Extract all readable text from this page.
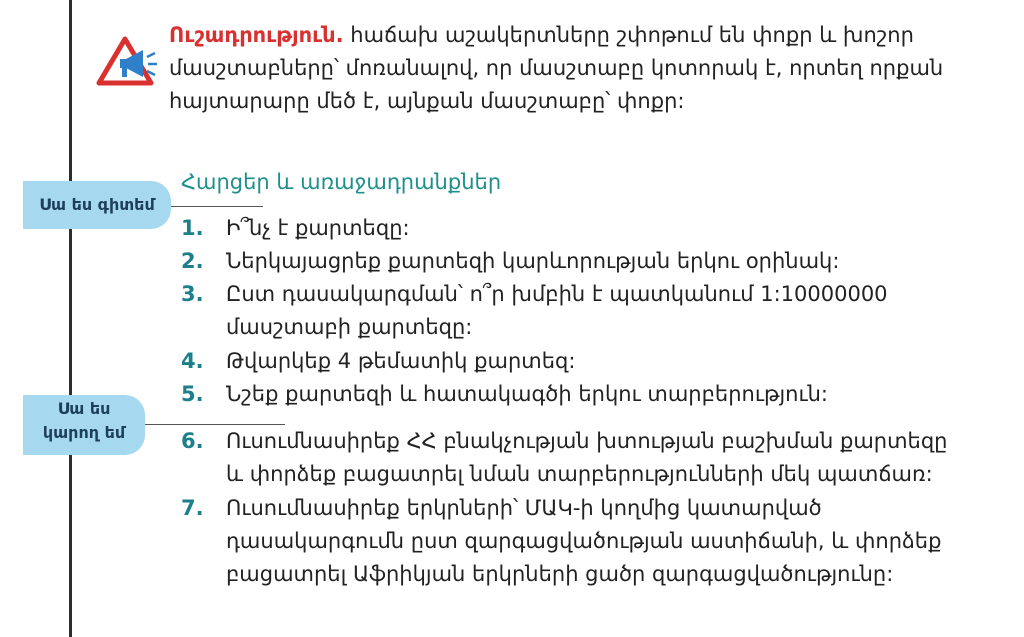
Ուշադրություն. հաճախ աշակերտները շփոթում են փոքր և խոշոր մասշտաբները՝ մոռանալով, որ մասշտաբը կոտորակ է, որտեղ որքան հայտարարը մեծ է, այնքան մասշտաբը՝ փոքր:

Սա ես գիտեմ
Հարցեր և առաջադրանքներ
Սա ես
կարող եմ
1.	Ի՞նչ է քարտեզը:
2.	Ներկայացրեք քարտեզի կարևորության երկու օրինակ:
3.	Ըստ դասակարգման՝ ո՞ր խմբին է պատկանում 1:10000000 մասշտաբի քարտեզը:
4.	Թվարկեք 4 թեմատիկ քարտեզ:
5.	Նշեք քարտեզի և հատակագծի երկու տարբերություն:
6.	Ուսումնասիրեք ՀՀ բնակչության խտության բաշխման քարտեզը և փորձեք բացատրել նման տարբերությունների մեկ պատճառ:
7.	Ուսումնասիրեք երկրների՝ ՄԱԿ-ի կողմից կատարված դասակարգումն ըստ զարգացվածության աստիճանի, և փորձեք բացատրել Աֆրիկյան երկրների ցածր զարգացվածությունը:
